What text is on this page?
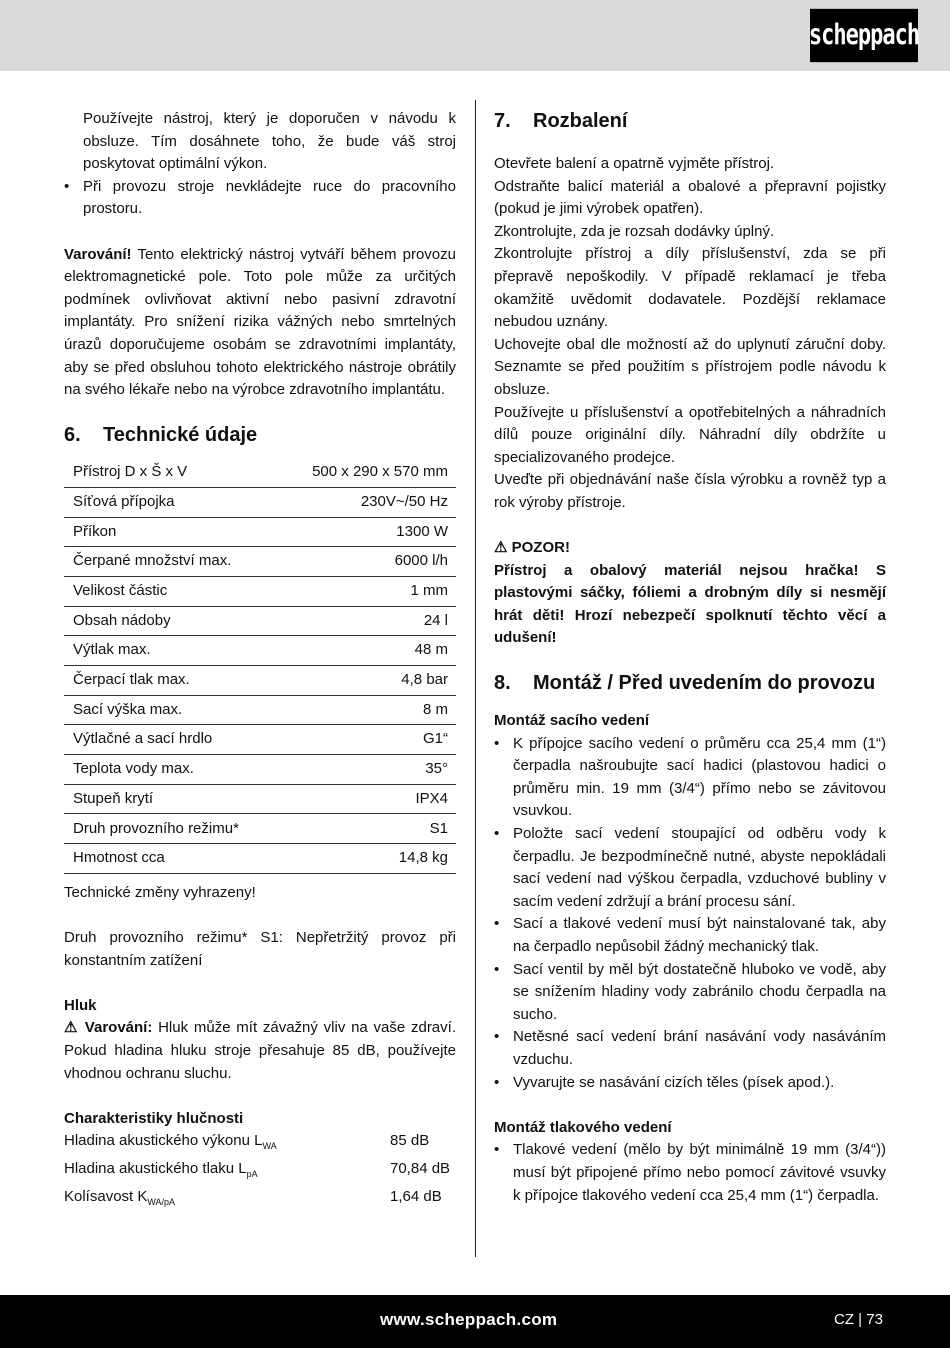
scheppach

Používejte nástroj, který je doporučen v návodu k obsluze. Tím dosáhnete toho, že bude váš stroj poskytovat optimální výkon.

• Při provozu stroje nevkládejte ruce do pracovního prostoru.

Varování! Tento elektrický nástroj vytváří během provozu elektromagnetické pole. Toto pole může za určitých podmínek ovlivňovat aktivní nebo pasivní zdravotní implantáty. Pro snížení rizika vážných nebo smrtelných úrazů doporučujeme osobám se zdravotními implantáty, aby se před obsluhou tohoto elektrického nástroje obrátily na svého lékaře nebo na výrobce zdravotního implantátu.

6.	Technické údaje
Přístroj D x Š x V	500 x 290 x 570 mm
Síťová přípojka	230V~/50 Hz
Příkon	1300 W
Čerpané množství max.	6000 l/h
Velikost částic	1 mm
Obsah nádoby	24 l
Výtlak max.	48 m
Čerpací tlak max.	4,8 bar
Sací výška max.	8 m
Výtlačné a sací hrdlo	G1“
Teplota vody max.	35°
Stupeň krytí	IPX4
Druh provozního režimu*	S1
Hmotnost cca	14,8 kg

Technické změny vyhrazeny!

Druh provozního režimu* S1: Nepřetržitý provoz při konstantním zatížení

Hluk

⚠ Varování: Hluk může mít závažný vliv na vaše zdraví. Pokud hladina hluku stroje přesahuje 85 dB, používejte vhodnou ochranu sluchu.

Charakteristiky hlučnosti
Hladina akustického výkonu $L_{WA}$	85 dB
Hladina akustického tlaku $L_{pA}$	70,84 dB
Kolísavost $K_{WA/pA}$	1,64 dB
7.	Rozbalení

Otevřete balení a opatrně vyjměte přístroj.

Odstraňte balicí materiál a obalové a přepravní pojistky (pokud je jimi výrobek opatřen).

Zkontrolujte, zda je rozsah dodávky úplný.

Zkontrolujte přístroj a díly příslušenství, zda se při přepravě nepoškodily. V případě reklamací je třeba okamžitě uvědomit dodavatele. Pozdější reklamace nebudou uznány.

Uchovejte obal dle možností až do uplynutí záruční doby. Seznamte se před použitím s přístrojem podle návodu k obsluze.

Používejte u příslušenství a opotřebitelných a náhradních dílů pouze originální díly. Náhradní díly obdržíte u specializovaného prodejce.

Uveďte při objednávání naše čísla výrobku a rovněž typ a rok výroby přístroje.

⚠ POZOR!

Přístroj a obalový materiál nejsou hračka! S plastovými sáčky, fóliemi a drobným díly si nesmějí hrát děti! Hrozí nebezpečí spolknutí těchto věcí a udušení!

8.	Montáž / Před uvedením do provozu
Montáž sacího vedení
• K přípojce sacího vedení o průměru cca 25,4 mm (1“) čerpadla našroubujte sací hadici (plastovou hadici o průměru min. 19 mm (3/4“) přímo nebo se závitovou vsuvkou.
• Položte sací vedení stoupající od odběru vody k čerpadlu. Je bezpodmínečně nutné, abyste nepokládali sací vedení nad výškou čerpadla, vzduchové bubliny v sacím vedení zdržují a brání procesu sání.
• Sací a tlakové vedení musí být nainstalované tak, aby na čerpadlo nepůsobil žádný mechanický tlak.
• Sací ventil by měl být dostatečně hluboko ve vodě, aby se snížením hladiny vody zabránilo chodu čerpadla na sucho.
• Netěsné sací vedení brání nasávání vody nasáváním vzduchu.
• Vyvarujte se nasávání cizích těles (písek apod.).
Montáž tlakového vedení
• Tlakové vedení (mělo by být minimálně 19 mm (3/4“)) musí být připojené přímo nebo pomocí závitové vsuvky k přípojce tlakového vedení cca 25,4 mm (1“) čerpadla.
www.scheppach.com	CZ | 73
